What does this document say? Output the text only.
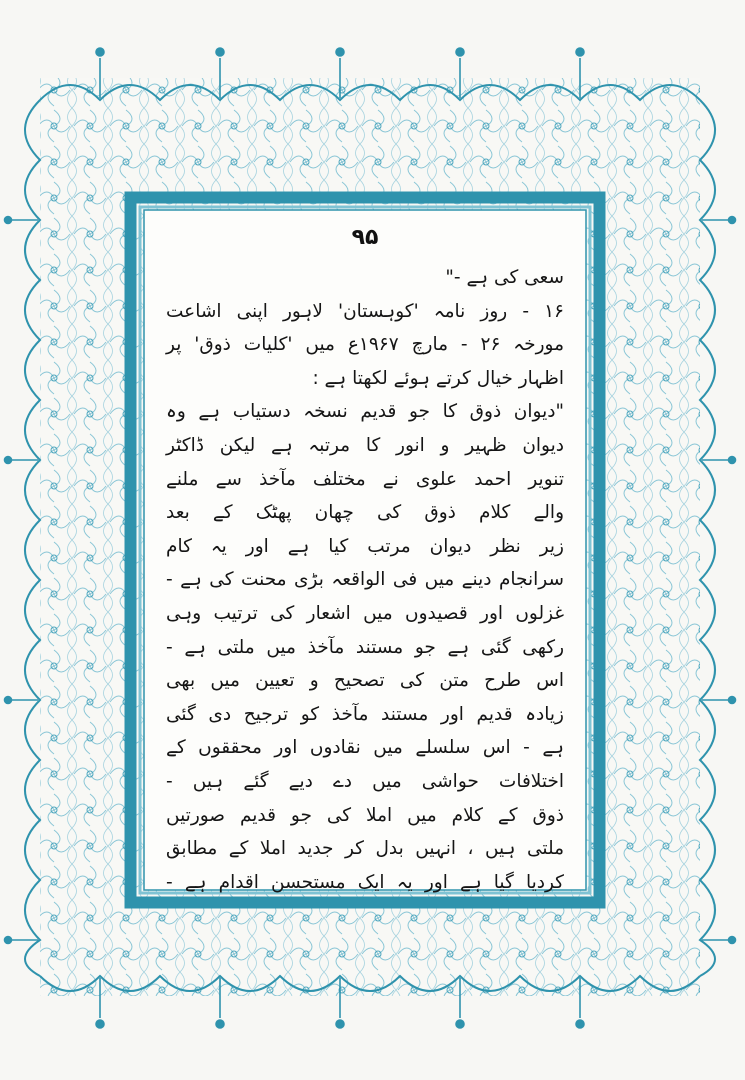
۹۵
سعی کی ہے -"
۱۶ - روز نامہ 'کوہستان' لاہور اپنی اشاعت
مورخہ ۲۶ - مارچ ۱۹۶۷ع میں 'کلیات ذوق' پر
اظہار خیال کرتے ہوئے لکھتا ہے :
"دیوان ذوق کا جو قدیم نسخہ دستیاب ہے وہ
دیوان ظہیر و انور کا مرتبہ ہے لیکن ڈاکٹر
تنویر احمد علوی نے مختلف مآخذ سے ملنے
والے کلام ذوق کی چھان پھٹک کے بعد
زیر نظر دیوان مرتب کیا ہے اور یہ کام
سرانجام دینے میں فی الواقعہ بڑی محنت کی ہے -
غزلوں اور قصیدوں میں اشعار کی ترتیب وہی
رکھی گئی ہے جو مستند مآخذ میں ملتی ہے -
اس طرح متن کی تصحیح و تعیین میں بھی
زیادہ قدیم اور مستند مآخذ کو ترجیح دی گئی
ہے - اس سلسلے میں نقادوں اور محققوں کے
اختلافات حواشی میں دے دیے گئے ہیں -
ذوق کے کلام میں املا کی جو قدیم صورتیں
ملتی ہیں ، انہیں بدل کر جدید املا کے مطابق
کردیا گیا ہے اور یہ ایک مستحسن اقدام ہے -
